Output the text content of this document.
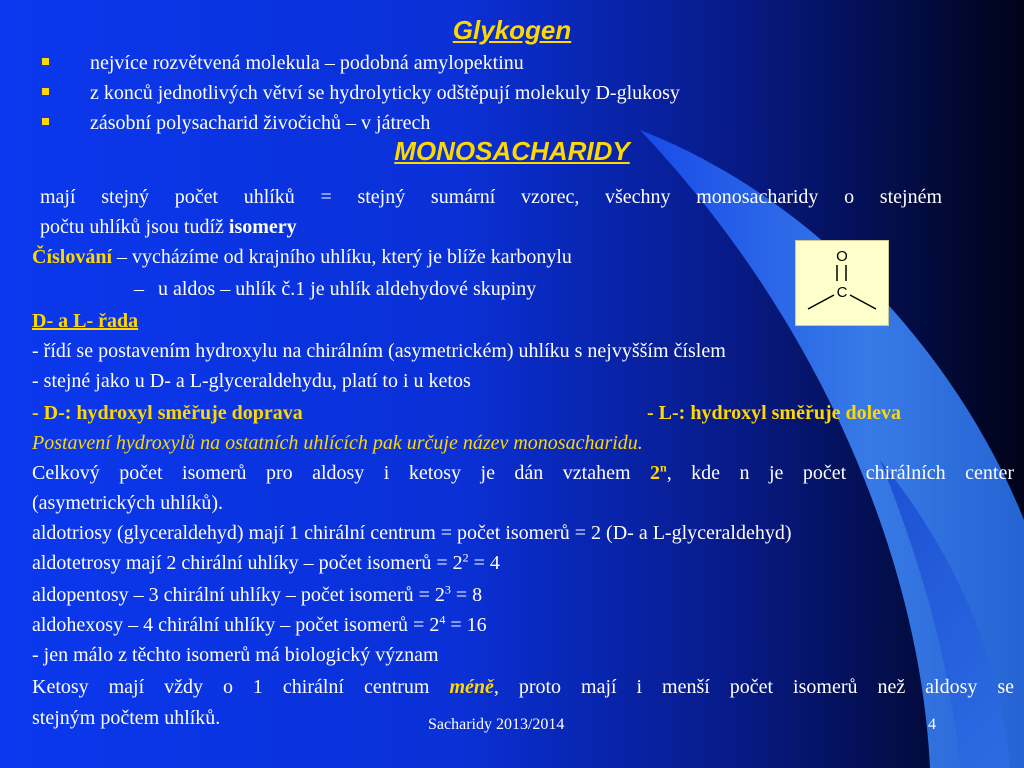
Glykogen
nejvíce rozvětvená molekula – podobná amylopektinu
z konců jednotlivých větví se hydrolyticky odštěpují molekuly D-glukosy
zásobní polysacharid živočichů – v játrech
MONOSACHARIDY
mají stejný počet uhlíků = stejný sumární vzorec, všechny monosacharidy o stejném
počtu uhlíků jsou tudíž isomery
Číslování – vycházíme od krajního uhlíku, který je blíže karbonylu
– u aldos – uhlík č.1 je uhlík aldehydové skupiny
O
C
D- a L- řada
- řídí se postavením hydroxylu na chirálním (asymetrickém) uhlíku s nejvyšším číslem
- stejné jako u D- a L-glyceraldehydu, platí to i u ketos
- D-: hydroxyl směřuje doprava	- L-: hydroxyl směřuje doleva
Postavení hydroxylů na ostatních uhlících pak určuje název monosacharidu.
Celkový počet isomerů pro aldosy i ketosy je dán vztahem 2$^n$, kde n je počet chirálních center
(asymetrických uhlíků).
aldotriosy (glyceraldehyd) mají 1 chirální centrum = počet isomerů = 2 (D- a L-glyceraldehyd)
aldotetrosy mají 2 chirální uhlíky – počet isomerů = $2^2 = 4$
aldopentosy – 3 chirální uhlíky – počet isomerů = $2^3 = 8$
aldohexosy – 4 chirální uhlíky – počet isomerů = $2^4 = 16$
- jen málo z těchto isomerů má biologický význam
Ketosy mají vždy o 1 chirální centrum méně, proto mají i menší počet isomerů než aldosy se
stejným počtem uhlíků.	Sacharidy 2013/2014	4
